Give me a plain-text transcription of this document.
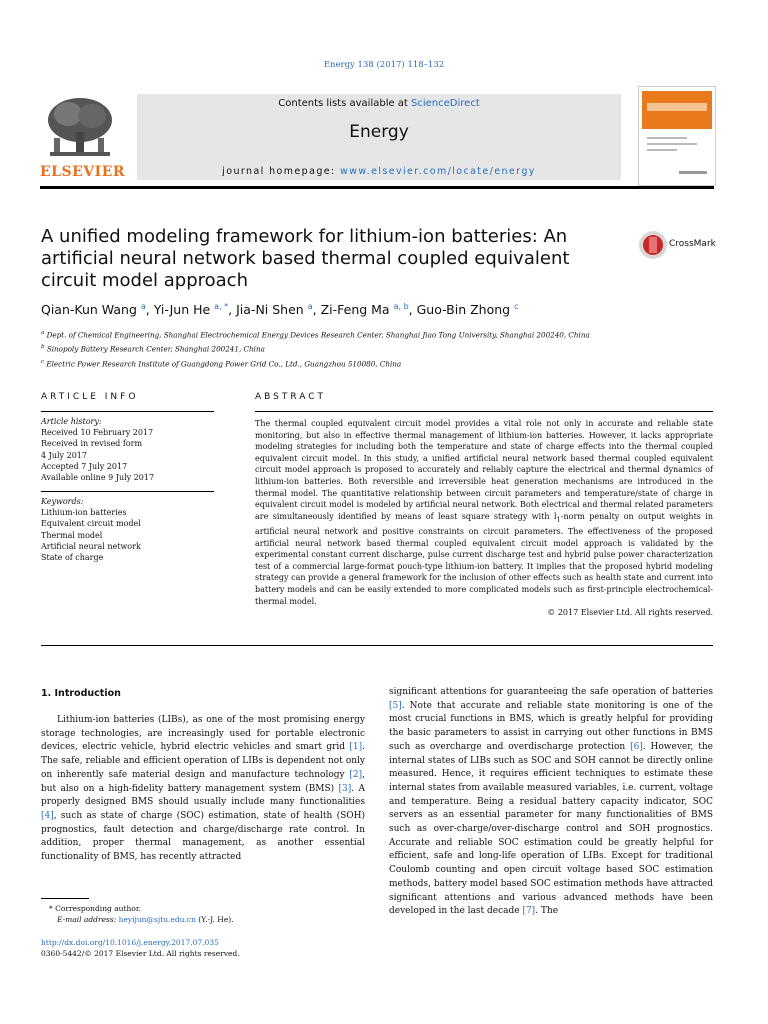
Energy 138 (2017) 118–132
ELSEVIER
Contents lists available at ScienceDirect
Energy
journal homepage: www.elsevier.com/locate/energy
A unified modeling framework for lithium-ion batteries: An artificial neural network based thermal coupled equivalent circuit model approach
CrossMark
Qian-Kun Wang $^a$, Yi-Jun He $^{a, *}$, Jia-Ni Shen $^a$, Zi-Feng Ma $^{a, b}$, Guo-Bin Zhong $^c$
$^a$ Dept. of Chemical Engineering, Shanghai Electrochemical Energy Devices Research Center, Shanghai Jiao Tong University, Shanghai 200240, China
$^b$ Sinopoly Battery Research Center, Shanghai 200241, China
$^c$ Electric Power Research Institute of Guangdong Power Grid Co., Ltd., Guangzhou 510080, China
ARTICLE INFO	ABSTRACT
Article history:
Received 10 February 2017
Received in revised form
4 July 2017
Accepted 7 July 2017
Available online 9 July 2017
Keywords:
Lithium-ion batteries
Equivalent circuit model
Thermal model
Artificial neural network
State of charge
The thermal coupled equivalent circuit model provides a vital role not only in accurate and reliable state monitoring, but also in effective thermal management of lithium-ion batteries. However, it lacks appropriate modeling strategies for including both the temperature and state of charge effects into the thermal coupled equivalent circuit model. In this study, a unified artificial neural network based thermal coupled equivalent circuit model approach is proposed to accurately and reliably capture the electrical and thermal dynamics of lithium-ion batteries. Both reversible and irreversible heat generation mechanisms are introduced in the thermal model. The quantitative relationship between circuit parameters and temperature/state of charge in equivalent circuit model is modeled by artificial neural network. Both electrical and thermal related parameters are simultaneously identified by means of least square strategy with $l_1$-norm penalty on output weights in artificial neural network and positive constraints on circuit parameters. The effectiveness of the proposed artificial neural network based thermal coupled equivalent circuit model approach is validated by the experimental constant current discharge, pulse current discharge test and hybrid pulse power characterization test of a commercial large-format pouch-type lithium-ion battery. It implies that the proposed hybrid modeling strategy can provide a general framework for the inclusion of other effects such as health state and current into battery models and can be easily extended to more complicated models such as first-principle electrochemical-thermal model.
© 2017 Elsevier Ltd. All rights reserved.
1. Introduction
Lithium-ion batteries (LIBs), as one of the most promising energy storage technologies, are increasingly used for portable electronic devices, electric vehicle, hybrid electric vehicles and smart grid [1]. The safe, reliable and efficient operation of LIBs is dependent not only on inherently safe material design and manufacture technology [2], but also on a high-fidelity battery management system (BMS) [3]. A properly designed BMS should usually include many functionalities [4], such as state of charge (SOC) estimation, state of health (SOH) prognostics, fault detection and charge/discharge rate control. In addition, proper thermal management, as another essential functionality of BMS, has recently attracted
significant attentions for guaranteeing the safe operation of batteries [5]. Note that accurate and reliable state monitoring is one of the most crucial functions in BMS, which is greatly helpful for providing the basic parameters to assist in carrying out other functions in BMS such as overcharge and overdischarge protection [6]. However, the internal states of LIBs such as SOC and SOH cannot be directly online measured. Hence, it requires efficient techniques to estimate these internal states from available measured variables, i.e. current, voltage and temperature. Being a residual battery capacity indicator, SOC servers as an essential parameter for many functionalities of BMS such as over-charge/over-discharge control and SOH prognostics. Accurate and reliable SOC estimation could be greatly helpful for efficient, safe and long-life operation of LIBs. Except for traditional Coulomb counting and open circuit voltage based SOC estimation methods, battery model based SOC estimation methods have attracted significant attentions and various advanced methods have been developed in the last decade [7]. The
* Corresponding author.
E-mail address: heyijun@sjtu.edu.cn (Y.-J. He).
http://dx.doi.org/10.1016/j.energy.2017.07.035
0360-5442/© 2017 Elsevier Ltd. All rights reserved.
